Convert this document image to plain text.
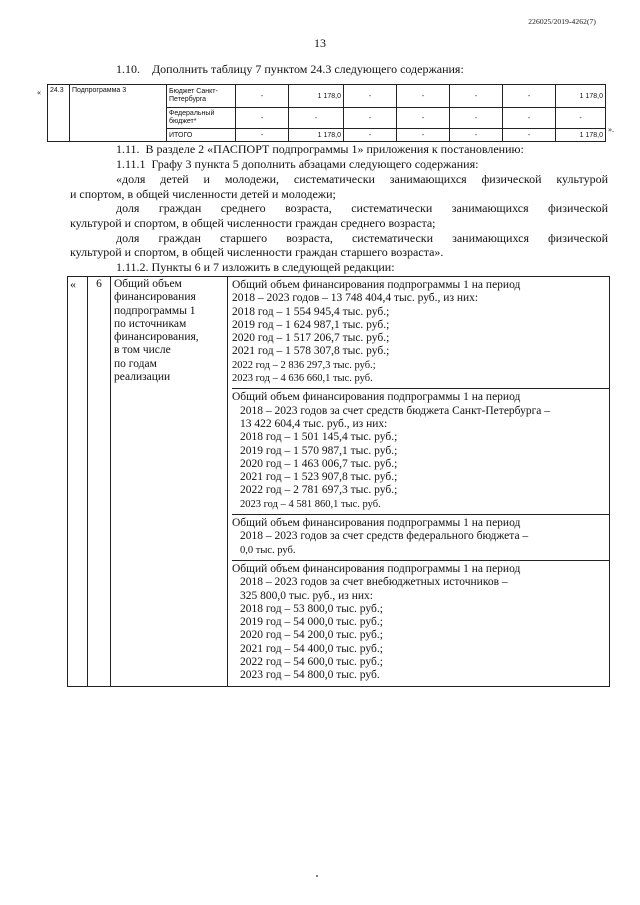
226025/2019-4262(7)
13
1.10.    Дополнить таблицу 7 пунктом 24.3 следующего содержания:
« 24.3	Подпрограмма 3	Бюджет Санкт-Петербурга	-	1 178,0	-	-	-	-	1 178,0
		Федеральный бюджет*	-	-	-	-	-	-	-
		ИТОГО	-	1 178,0	-	-	-	-	1 178,0
».
1.11.  В разделе 2 «ПАСПОРТ подпрограммы 1» приложения к постановлению:
1.11.1  Графу 3 пункта 5 дополнить абзацами следующего содержания:
«доля детей и молодежи, систематически занимающихся физической культурой
и спортом, в общей численности детей и молодежи;
доля граждан среднего возраста, систематически занимающихся физической
культурой и спортом, в общей численности граждан среднего возраста;
доля граждан старшего возраста, систематически занимающихся физической
культурой и спортом, в общей численности граждан старшего возраста».
1.11.2. Пункты 6 и 7 изложить в следующей редакции:
«	6	Общий объем
финансирования
подпрограммы 1
по источникам
финансирования,
в том числе
по годам
реализации

Общий объем финансирования подпрограммы 1 на период
2018 – 2023 годов – 13 748 404,4 тыс. руб., из них:
2018 год – 1 554 945,4 тыс. руб.;
2019 год – 1 624 987,1 тыс. руб.;
2020 год – 1 517 206,7 тыс. руб.;
2021 год – 1 578 307,8 тыс. руб.;
2022 год – 2 836 297,3 тыс. руб.;
2023 год – 4 636 660,1 тыс. руб.
Общий объем финансирования подпрограммы 1 на период
2018 – 2023 годов за счет средств бюджета Санкт-Петербурга –
13 422 604,4 тыс. руб., из них:
2018 год – 1 501 145,4 тыс. руб.;
2019 год – 1 570 987,1 тыс. руб.;
2020 год – 1 463 006,7 тыс. руб.;
2021 год – 1 523 907,8 тыс. руб.;
2022 год – 2 781 697,3 тыс. руб.;
2023 год – 4 581 860,1 тыс. руб.
Общий объем финансирования подпрограммы 1 на период
2018 – 2023 годов за счет средств федерального бюджета –
0,0 тыс. руб.
Общий объем финансирования подпрограммы 1 на период
2018 – 2023 годов за счет внебюджетных источников –
325 800,0 тыс. руб., из них:
2018 год – 53 800,0 тыс. руб.;
2019 год – 54 000,0 тыс. руб.;
2020 год – 54 200,0 тыс. руб.;
2021 год – 54 400,0 тыс. руб.;
2022 год – 54 600,0 тыс. руб.;
2023 год – 54 800,0 тыс. руб.
